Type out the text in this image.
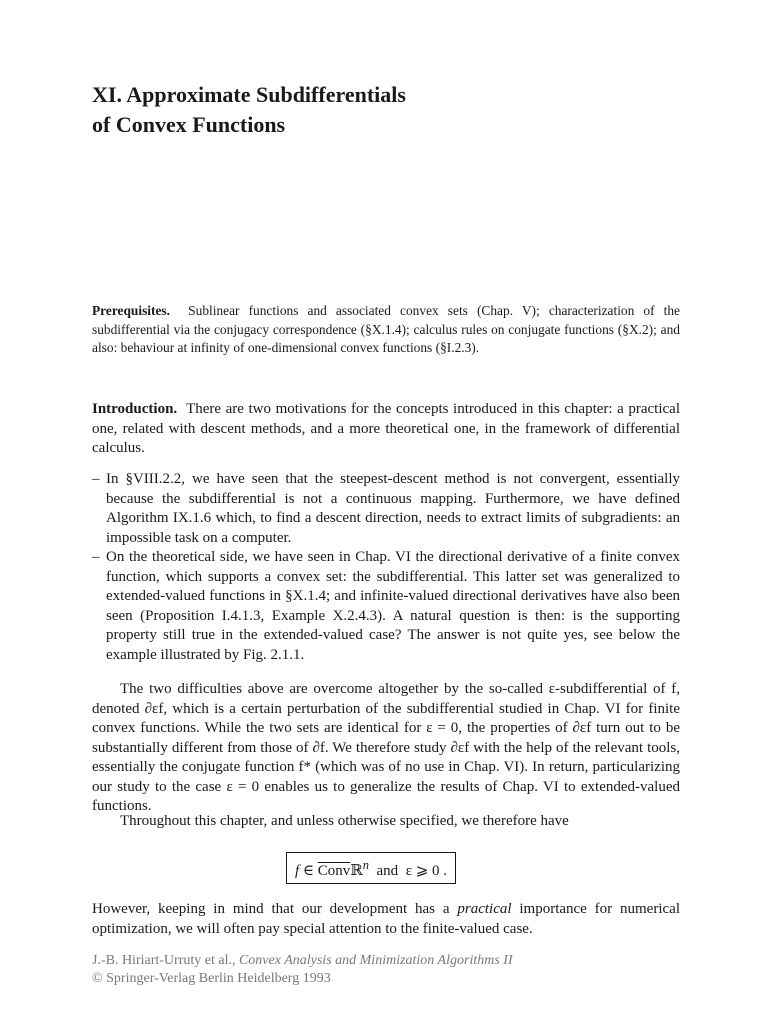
XI. Approximate Subdifferentials
of Convex Functions

Prerequisites. Sublinear functions and associated convex sets (Chap. V); characterization of the subdifferential via the conjugacy correspondence (§X.1.4); calculus rules on conjugate functions (§X.2); and also: behaviour at infinity of one-dimensional convex functions (§I.2.3).

Introduction. There are two motivations for the concepts introduced in this chapter: a practical one, related with descent methods, and a more theoretical one, in the framework of differential calculus.

– In §VIII.2.2, we have seen that the steepest-descent method is not convergent, essentially because the subdifferential is not a continuous mapping. Furthermore, we have defined Algorithm IX.1.6 which, to find a descent direction, needs to extract limits of subgradients: an impossible task on a computer.
– On the theoretical side, we have seen in Chap. VI the directional derivative of a finite convex function, which supports a convex set: the subdifferential. This latter set was generalized to extended-valued functions in §X.1.4; and infinite-valued directional derivatives have also been seen (Proposition I.4.1.3, Example X.2.4.3). A natural question is then: is the supporting property still true in the extended-valued case? The answer is not quite yes, see below the example illustrated by Fig. 2.1.1.

The two difficulties above are overcome altogether by the so-called ε-subdifferential of f, denoted ∂εf, which is a certain perturbation of the subdifferential studied in Chap. VI for finite convex functions. While the two sets are identical for ε = 0, the properties of ∂εf turn out to be substantially different from those of ∂f. We therefore study ∂εf with the help of the relevant tools, essentially the conjugate function f* (which was of no use in Chap. VI). In return, particularizing our study to the case ε = 0 enables us to generalize the results of Chap. VI to extended-valued functions.

Throughout this chapter, and unless otherwise specified, we therefore have

f ∈ Convℝ$^n$ and ε ⩾ 0 .

However, keeping in mind that our development has a practical importance for numerical optimization, we will often pay special attention to the finite-valued case.

J.-B. Hiriart-Urruty et al., Convex Analysis and Minimization Algorithms II
© Springer-Verlag Berlin Heidelberg 1993
